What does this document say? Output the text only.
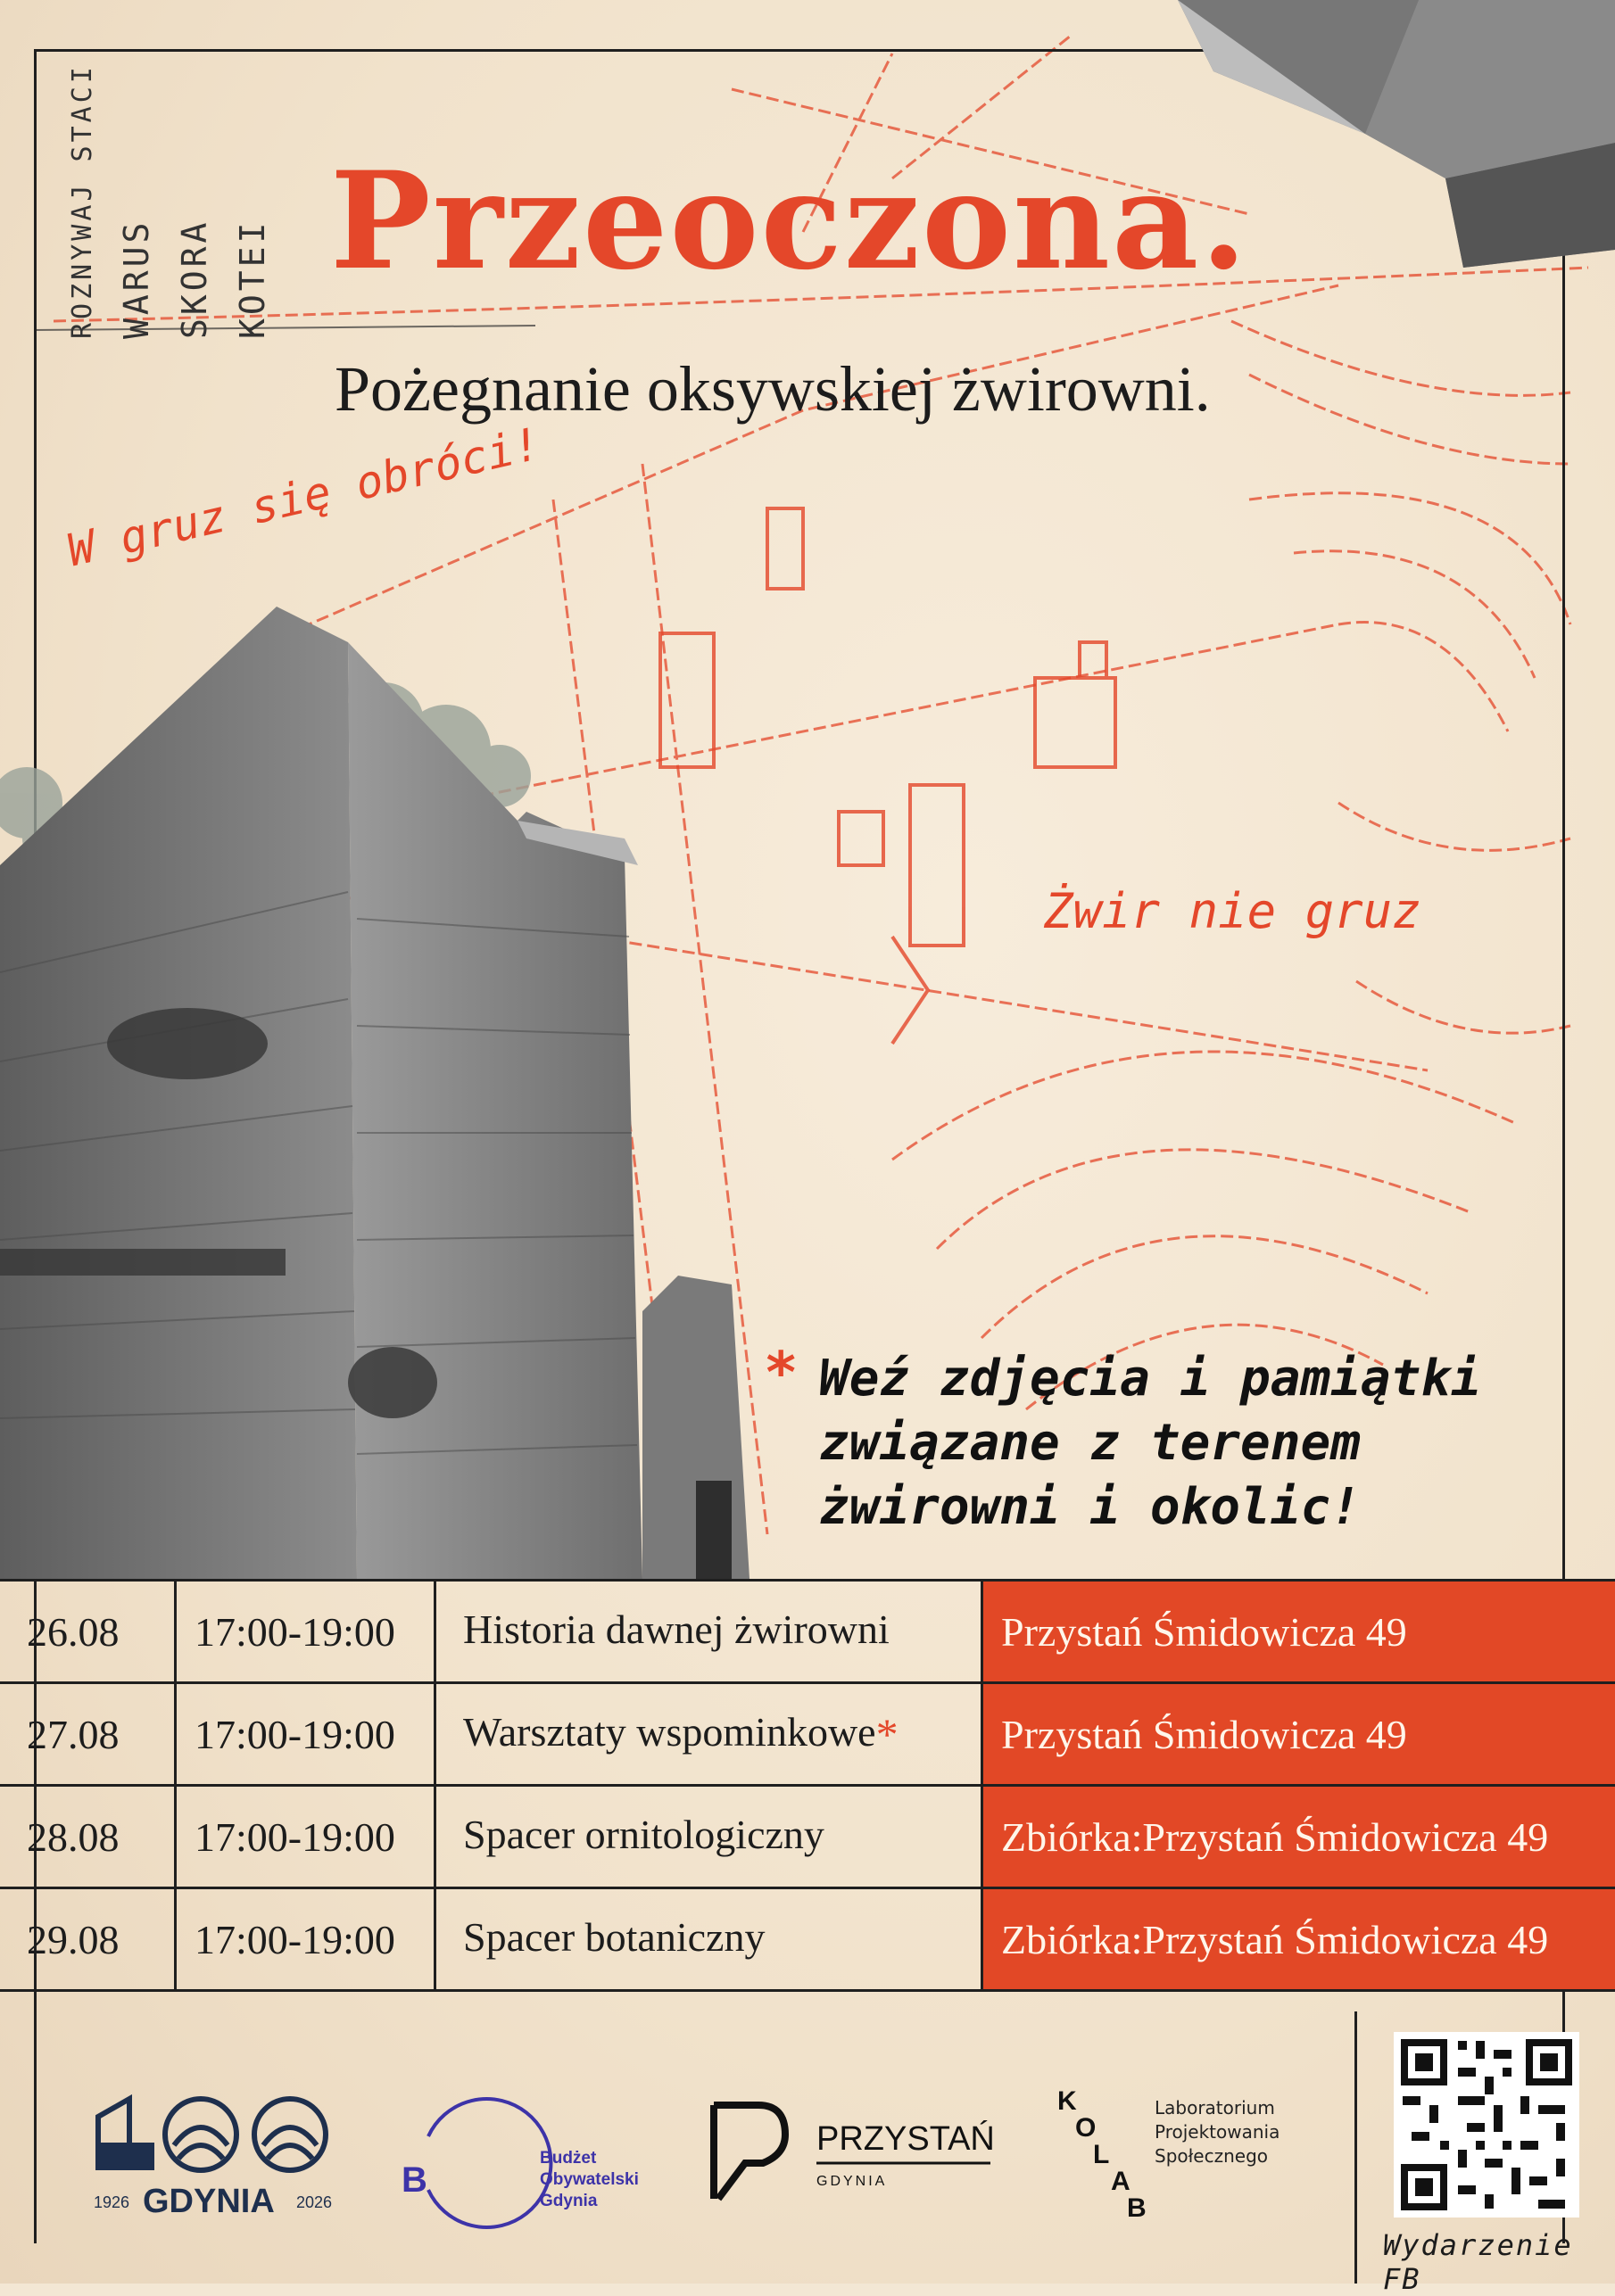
KOTEI
SKORA
WARUS
ROZNYWAJ STACI Przeoczona.
Pożegnanie oksywskiej żwirowni.
W gruz się obróci!
Żwir nie gruz
* Weź zdjęcia i pamiątki
związane z terenem
żwirowni i okolic!
26.08	17:00-19:00	Historia dawnej żwirowni	Przystań Śmidowicza 49
27.08	17:00-19:00	Warsztaty wspominkowe*	Przystań Śmidowicza 49
28.08	17:00-19:00	Spacer ornitologiczny	Zbiórka:Przystań Śmidowicza 49
29.08	17:00-19:00	Spacer botaniczny	Zbiórka:Przystań Śmidowicza 49
1926 GDYNIA 2026
B
Budżet
Obywatelski
Gdynia
PRZYSTAŃ
GDYNIA
K
O
L
A
B
Laboratorium
Projektowania
Społecznego
Wydarzenie FB
